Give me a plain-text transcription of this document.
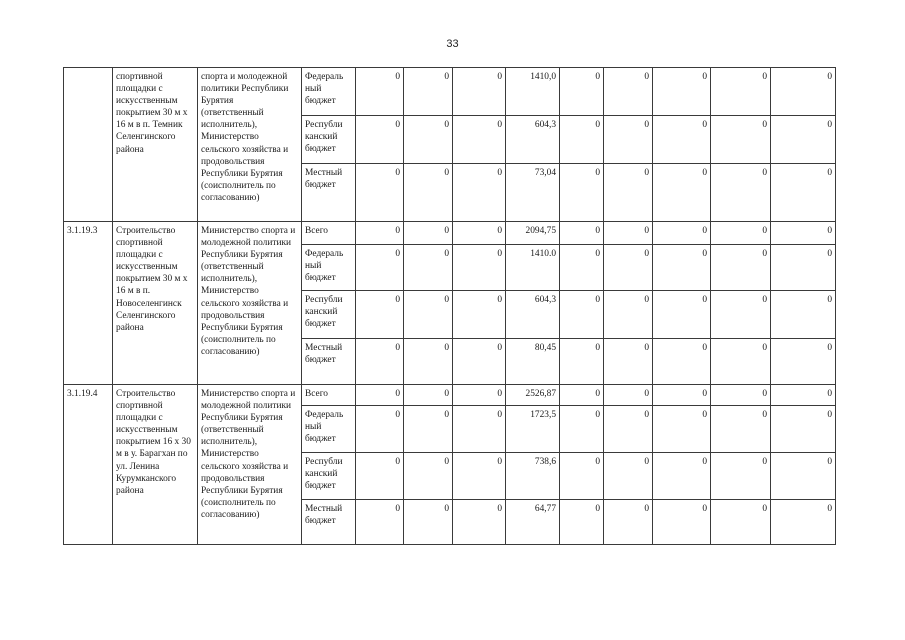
33
	спортивной площадки с искусственным покрытием 30 м х 16 м в п. Темник Селенгинского района	спорта и молодежной политики Республики Бурятия (ответственный исполнитель), Министерство сельского хозяйства и продовольствия Республики Бурятия (соисполнитель по согласованию)	Федераль ный бюджет	0	0	0	1410,0	0	0	0	0	0
			Республи канский бюджет	0	0	0	604,3	0	0	0	0	0
			Местный бюджет	0	0	0	73,04	0	0	0	0	0
3.1.19.3	Строительство спортивной площадки с искусственным покрытием 30 м х 16 м в п. Новоселенгинск Селенгинского района	Министерство спорта и молодежной политики Республики Бурятия (ответственный исполнитель), Министерство сельского хозяйства и продовольствия Республики Бурятия (соисполнитель по согласованию)	Всего	0	0	0	2094,75	0	0	0	0	0
			Федераль ный бюджет	0	0	0	1410.0	0	0	0	0	0
			Республи канский бюджет	0	0	0	604,3	0	0	0	0	0
			Местный бюджет	0	0	0	80,45	0	0	0	0	0
3.1.19.4	Строительство спортивной площадки с искусственным покрытием 16 х 30 м в у. Барагхан по ул. Ленина Курумканского района	Министерство спорта и молодежной политики Республики Бурятия (ответственный исполнитель), Министерство сельского хозяйства и продовольствия Республики Бурятия (соисполнитель по согласованию)	Всего	0	0	0	2526,87	0	0	0	0	0
			Федераль ный бюджет	0	0	0	1723,5	0	0	0	0	0
			Республи канский бюджет	0	0	0	738,6	0	0	0	0	0
			Местный бюджет	0	0	0	64,77	0	0	0	0	0
